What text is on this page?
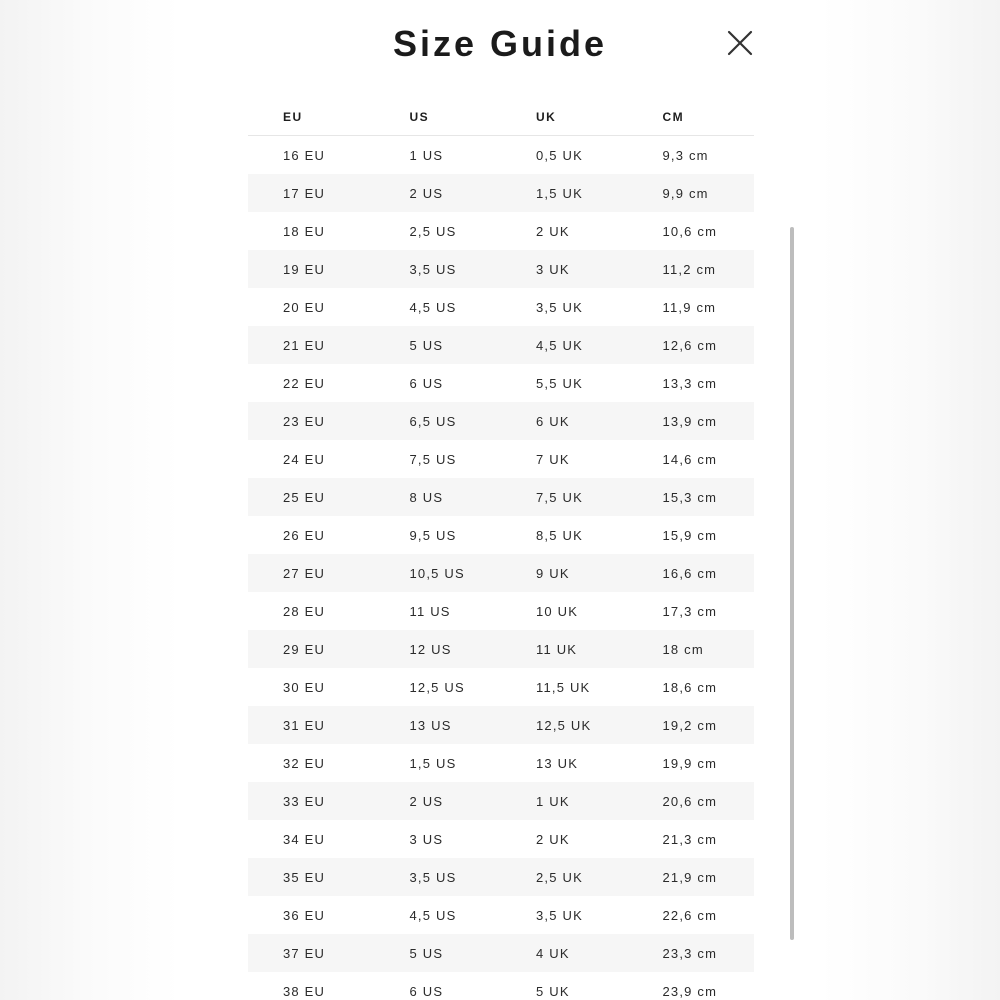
Size Guide
EU	US	UK	CM
16 EU	1 US	0,5 UK	9,3 cm
17 EU	2 US	1,5 UK	9,9 cm
18 EU	2,5 US	2 UK	10,6 cm
19 EU	3,5 US	3 UK	11,2 cm
20 EU	4,5 US	3,5 UK	11,9 cm
21 EU	5 US	4,5 UK	12,6 cm
22 EU	6 US	5,5 UK	13,3 cm
23 EU	6,5 US	6 UK	13,9 cm
24 EU	7,5 US	7 UK	14,6 cm
25 EU	8 US	7,5 UK	15,3 cm
26 EU	9,5 US	8,5 UK	15,9 cm
27 EU	10,5 US	9 UK	16,6 cm
28 EU	11 US	10 UK	17,3 cm
29 EU	12 US	11 UK	18 cm
30 EU	12,5 US	11,5 UK	18,6 cm
31 EU	13 US	12,5 UK	19,2 cm
32 EU	1,5 US	13 UK	19,9 cm
33 EU	2 US	1 UK	20,6 cm
34 EU	3 US	2 UK	21,3 cm
35 EU	3,5 US	2,5 UK	21,9 cm
36 EU	4,5 US	3,5 UK	22,6 cm
37 EU	5 US	4 UK	23,3 cm
38 EU	6 US	5 UK	23,9 cm
